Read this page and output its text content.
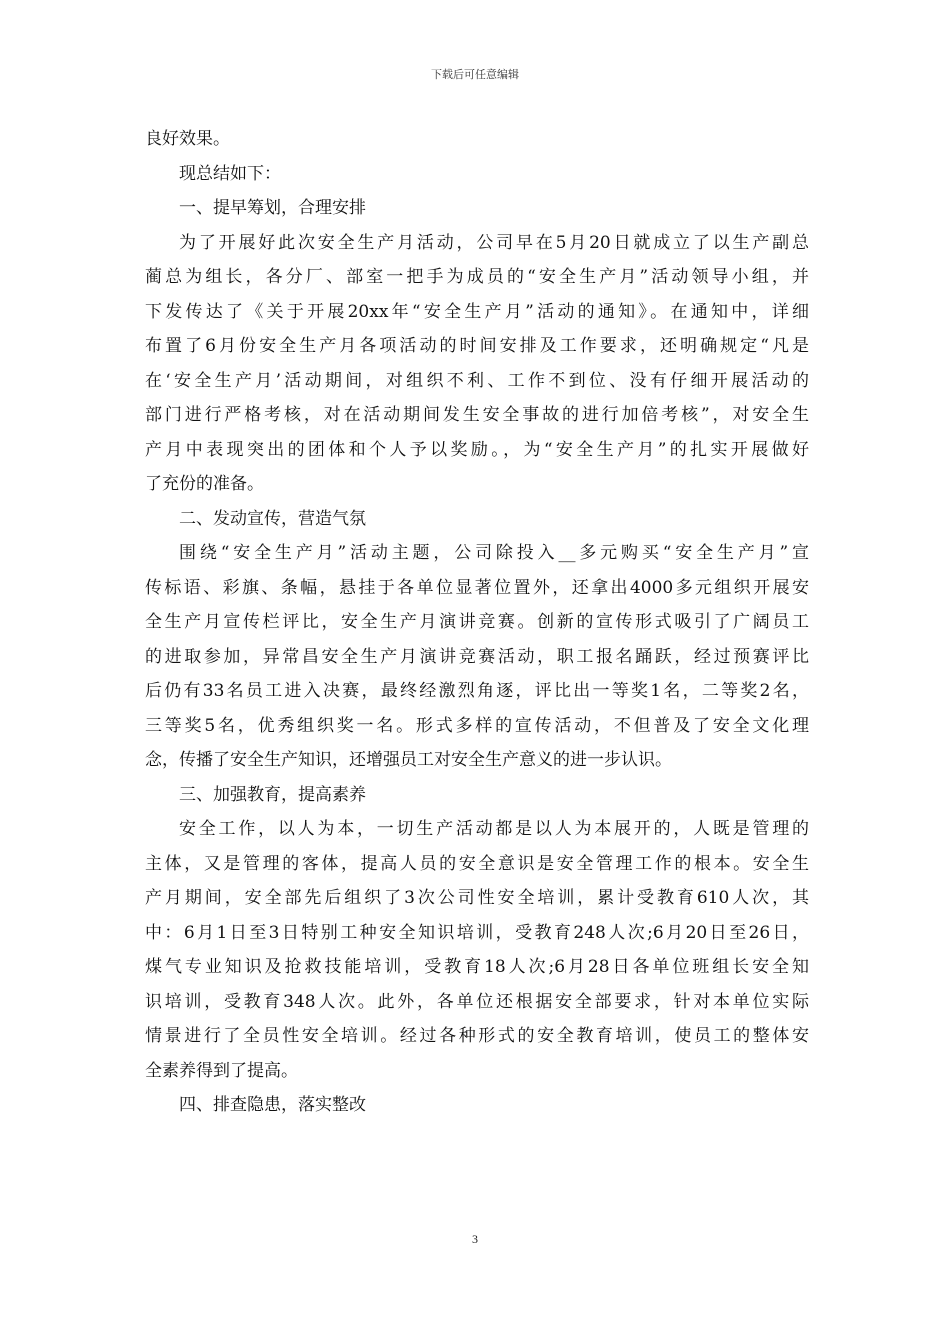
下载后可任意编辑
良好效果。
现总结如下：
一、提早筹划，合理安排
为了开展好此次安全生产月活动，公司早在5月20日就成立了以生产副总
蔺总为组长，各分厂、部室一把手为成员的“安全生产月”活动领导小组，并
下发传达了《关于开展20xx年“安全生产月”活动的通知》。在通知中，详细
布置了6月份安全生产月各项活动的时间安排及工作要求，还明确规定“凡是
在‘安全生产月’活动期间，对组织不利、工作不到位、没有仔细开展活动的
部门进行严格考核，对在活动期间发生安全事故的进行加倍考核”，对安全生
产月中表现突出的团体和个人予以奖励。，为“安全生产月”的扎实开展做好
了充份的准备。
二、发动宣传，营造气氛
围绕“安全生产月”活动主题，公司除投入__多元购买“安全生产月”宣
传标语、彩旗、条幅，悬挂于各单位显著位置外，还拿出4000多元组织开展安
全生产月宣传栏评比，安全生产月演讲竞赛。创新的宣传形式吸引了广阔员工
的进取参加，异常昌安全生产月演讲竞赛活动，职工报名踊跃，经过预赛评比
后仍有33名员工进入决赛，最终经激烈角逐，评比出一等奖1名，二等奖2名，
三等奖5名，优秀组织奖一名。形式多样的宣传活动，不但普及了安全文化理
念，传播了安全生产知识，还增强员工对安全生产意义的进一步认识。
三、加强教育，提高素养
安全工作，以人为本，一切生产活动都是以人为本展开的，人既是管理的
主体，又是管理的客体，提高人员的安全意识是安全管理工作的根本。安全生
产月期间，安全部先后组织了3次公司性安全培训，累计受教育610人次，其
中：6月1日至3日特别工种安全知识培训，受教育248人次;6月20日至26日，
煤气专业知识及抢救技能培训，受教育18人次;6月28日各单位班组长安全知
识培训，受教育348人次。此外，各单位还根据安全部要求，针对本单位实际
情景进行了全员性安全培训。经过各种形式的安全教育培训，使员工的整体安
全素养得到了提高。
四、排查隐患，落实整改
3
